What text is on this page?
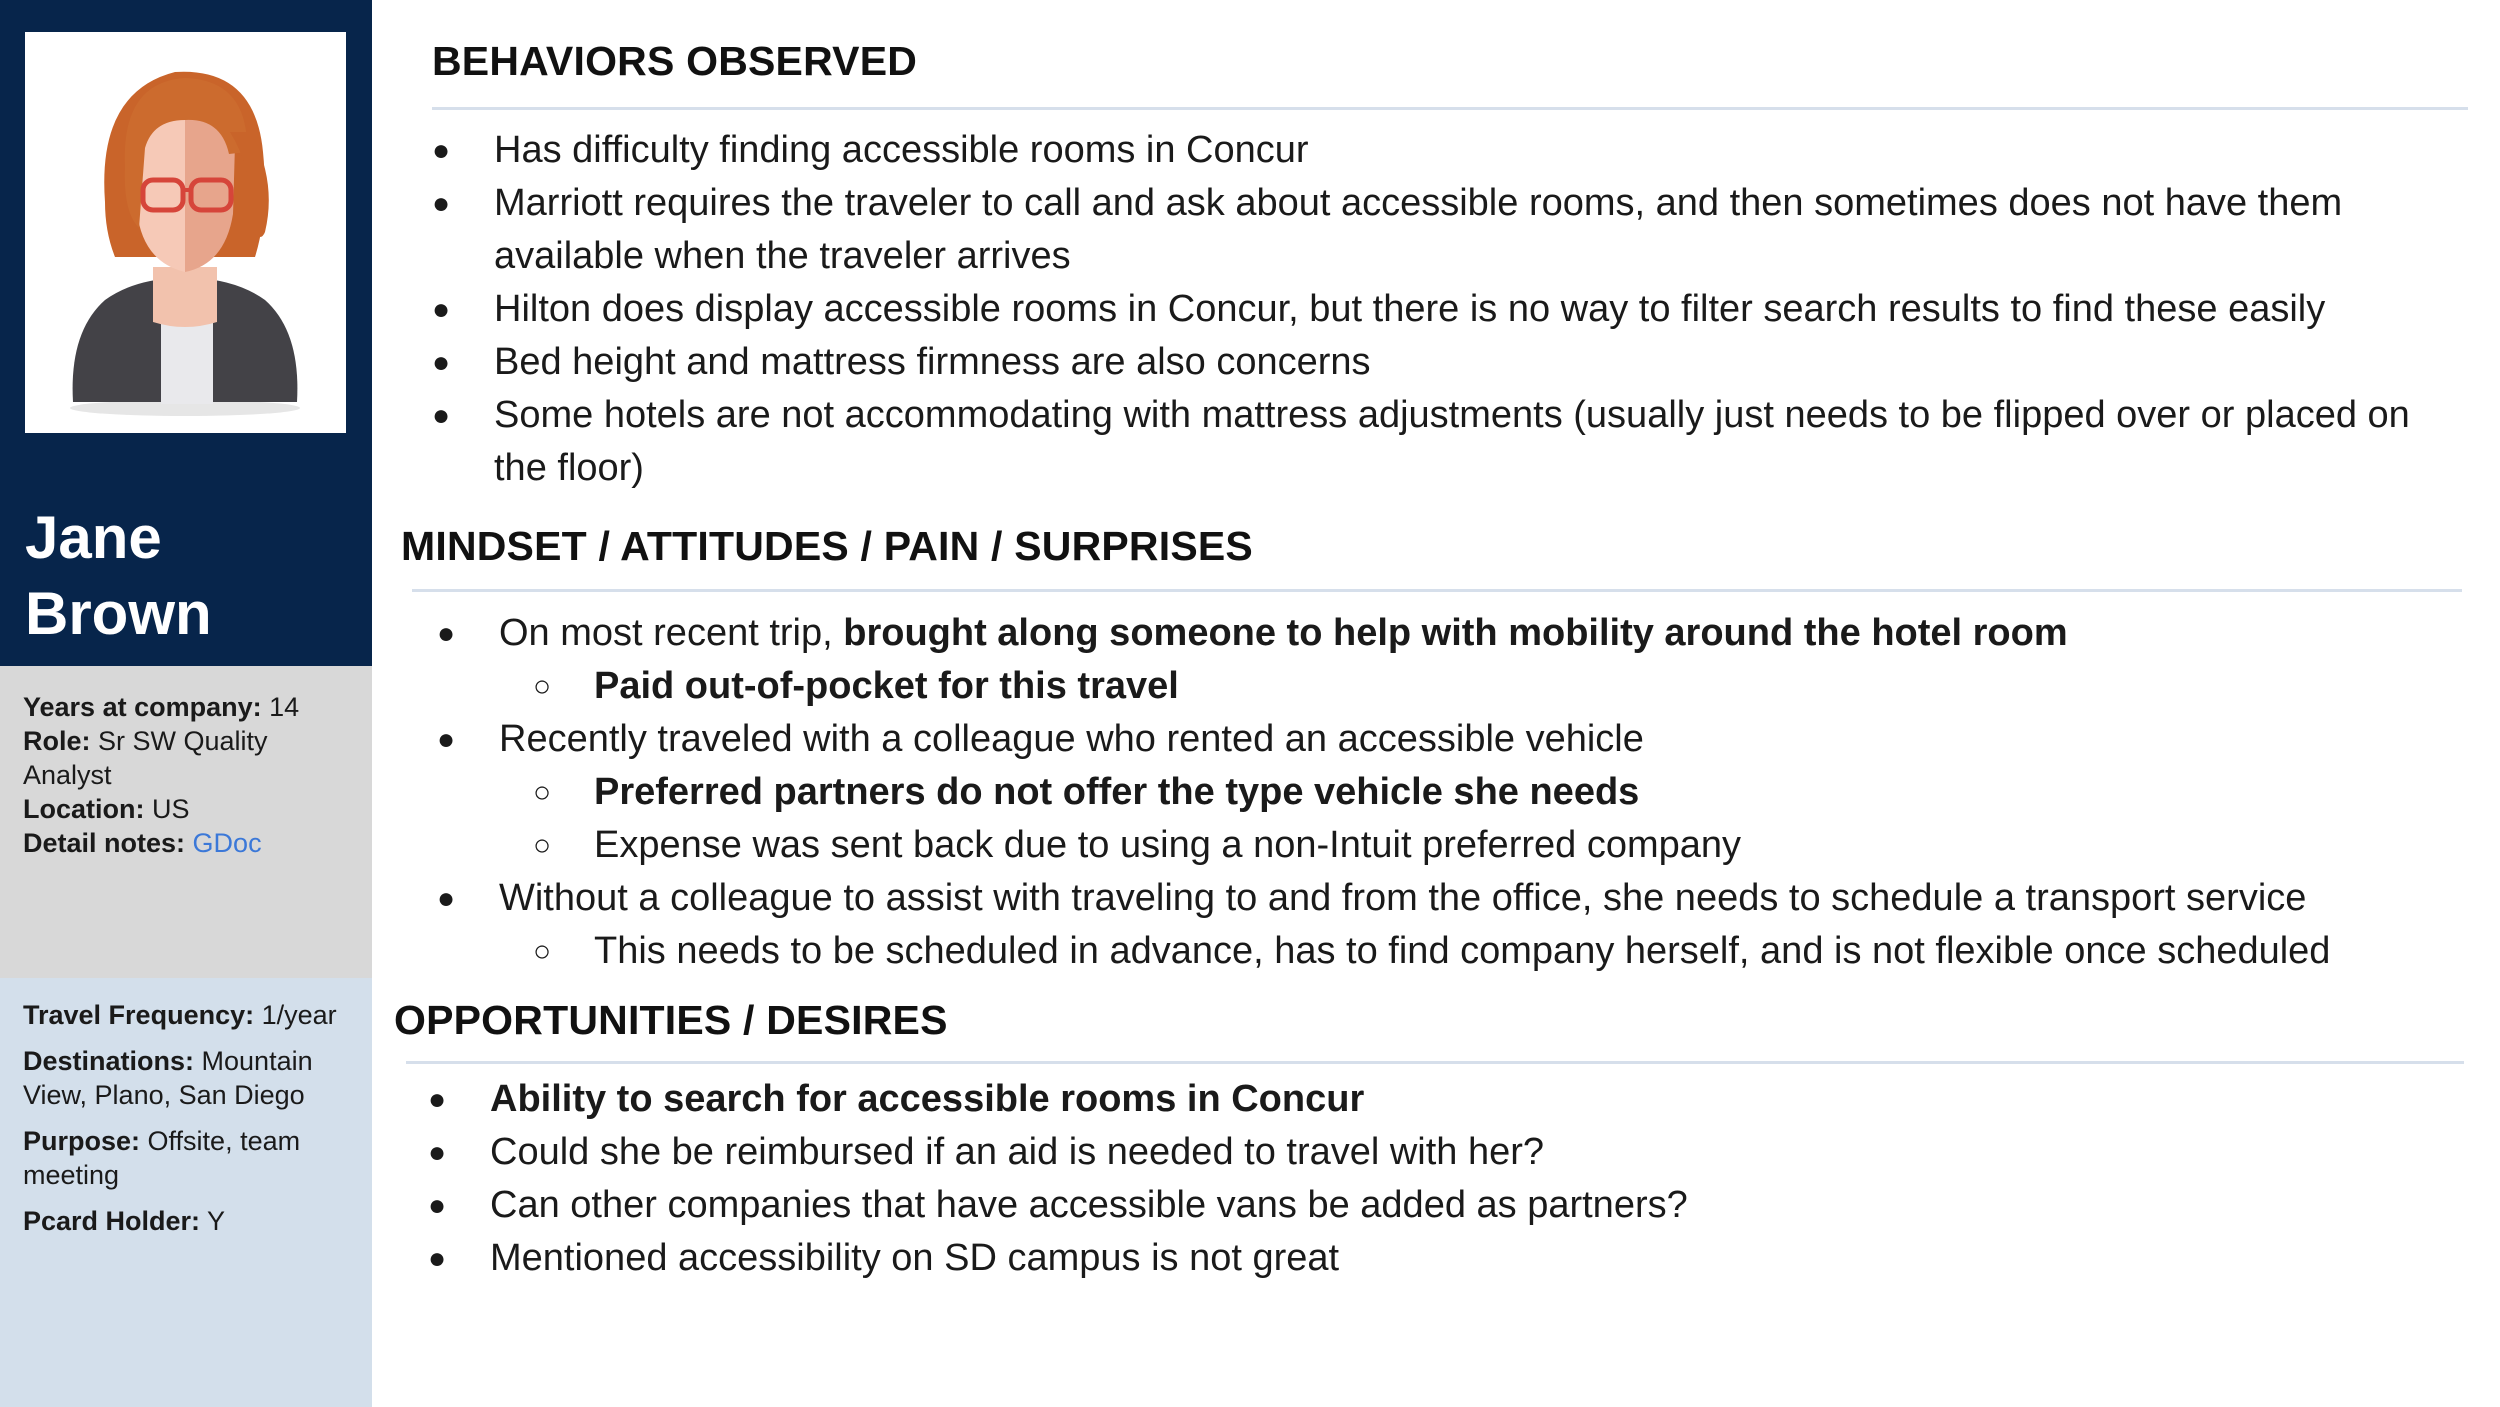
Jane
Brown

Years at company: 14

Role: Sr SW Quality Analyst

Location: US

Detail notes: GDoc

Travel Frequency: 1/year

Destinations: Mountain View, Plano, San Diego

Purpose: Offsite, team meeting

Pcard Holder: Y

BEHAVIORS OBSERVED
● Has difficulty finding accessible rooms in Concur
● Marriott requires the traveler to call and ask about accessible rooms, and then sometimes does not have them available when the traveler arrives
● Hilton does display accessible rooms in Concur, but there is no way to filter search results to find these easily
● Bed height and mattress firmness are also concerns
● Some hotels are not accommodating with mattress adjustments (usually just needs to be flipped over or placed on the floor)
MINDSET / ATTITUDES / PAIN / SURPRISES
● On most recent trip, brought along someone to help with mobility around the hotel room
○ Paid out-of-pocket for this travel
● Recently traveled with a colleague who rented an accessible vehicle
○ Preferred partners do not offer the type vehicle she needs
○ Expense was sent back due to using a non-Intuit preferred company
● Without a colleague to assist with traveling to and from the office, she needs to schedule a transport service
○ This needs to be scheduled in advance, has to find company herself, and is not flexible once scheduled
OPPORTUNITIES / DESIRES
● Ability to search for accessible rooms in Concur
● Could she be reimbursed if an aid is needed to travel with her?
● Can other companies that have accessible vans be added as partners?
● Mentioned accessibility on SD campus is not great
